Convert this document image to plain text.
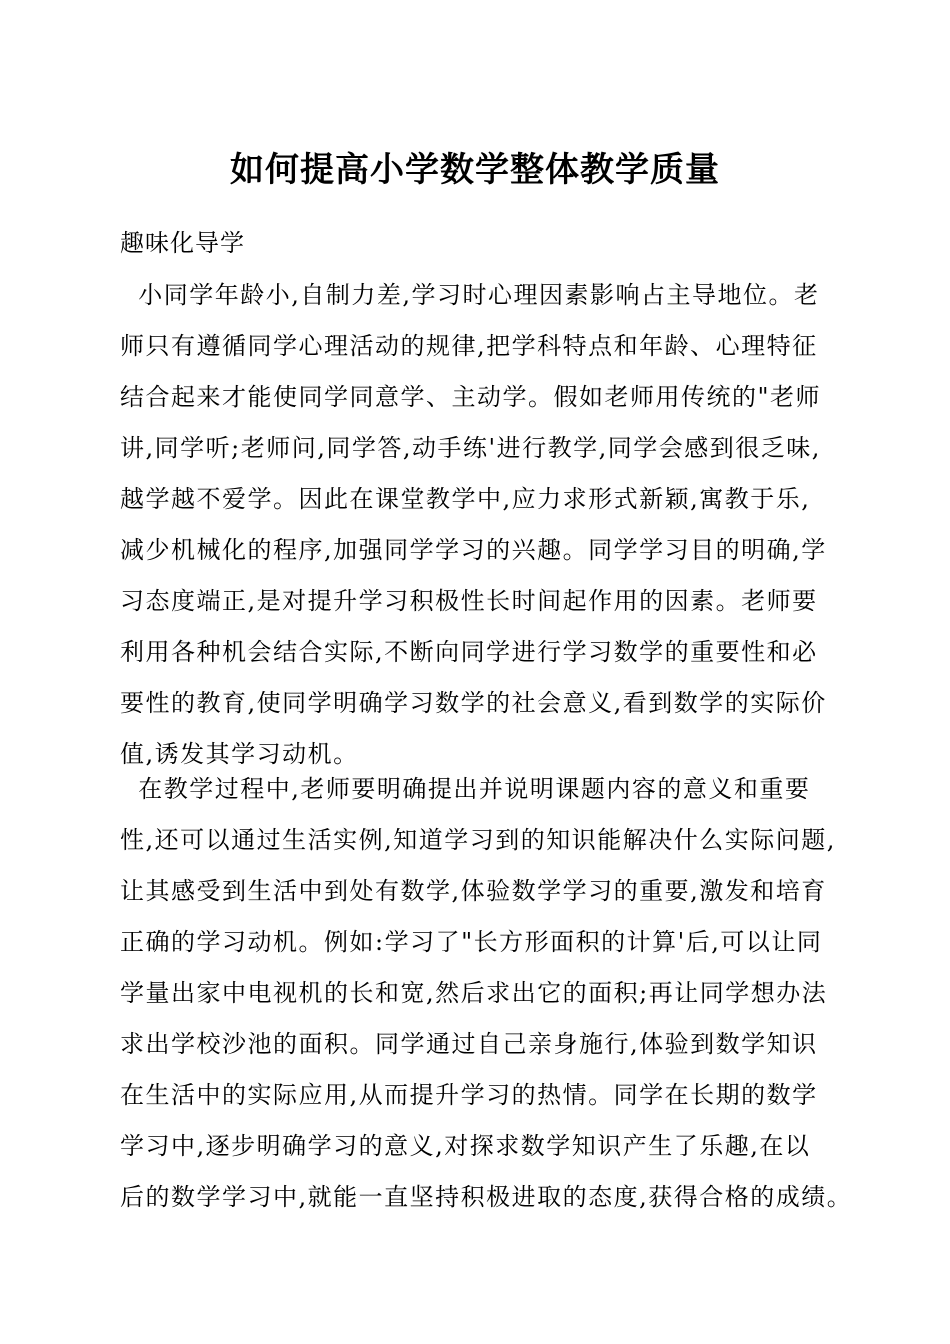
如何提高小学数学整体教学质量
趣味化导学
小同学年龄小,自制力差,学习时心理因素影响占主导地位。老
师只有遵循同学心理活动的规律,把学科特点和年龄、心理特征
结合起来才能使同学同意学、主动学。假如老师用传统的"老师
讲,同学听;老师问,同学答,动手练'进行教学,同学会感到很乏味,
越学越不爱学。因此在课堂教学中,应力求形式新颖,寓教于乐,
减少机械化的程序,加强同学学习的兴趣。同学学习目的明确,学
习态度端正,是对提升学习积极性长时间起作用的因素。老师要
利用各种机会结合实际,不断向同学进行学习数学的重要性和必
要性的教育,使同学明确学习数学的社会意义,看到数学的实际价
值,诱发其学习动机。
在教学过程中,老师要明确提出并说明课题内容的意义和重要
性,还可以通过生活实例,知道学习到的知识能解决什么实际问题,
让其感受到生活中到处有数学,体验数学学习的重要,激发和培育
正确的学习动机。例如:学习了"长方形面积的计算'后,可以让同
学量出家中电视机的长和宽,然后求出它的面积;再让同学想办法
求出学校沙池的面积。同学通过自己亲身施行,体验到数学知识
在生活中的实际应用,从而提升学习的热情。同学在长期的数学
学习中,逐步明确学习的意义,对探求数学知识产生了乐趣,在以
后的数学学习中,就能一直坚持积极进取的态度,获得合格的成绩。
